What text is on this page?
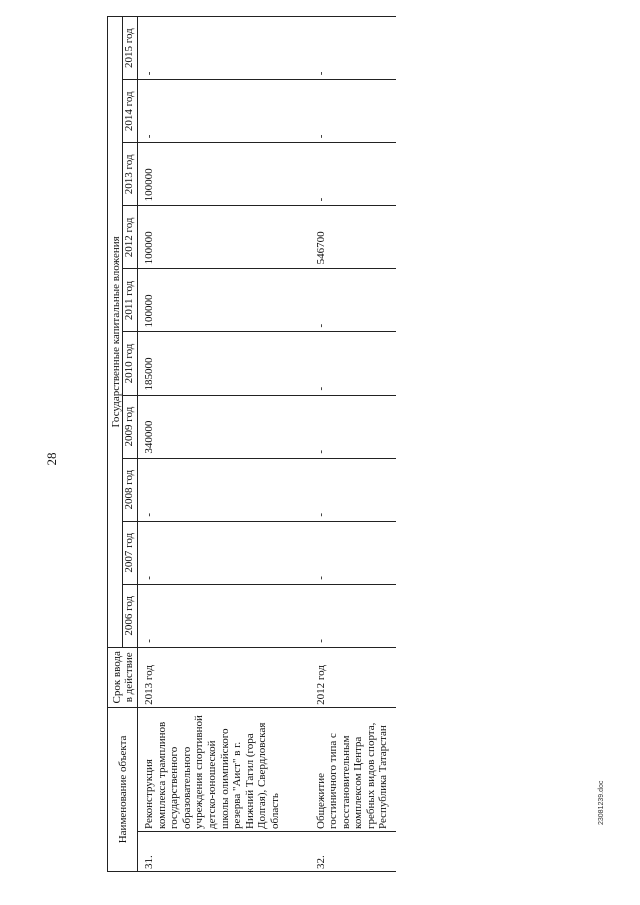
28
Наименование объекта		Срок ввода в действие	Государственные капитальные вложения									
			2006 год	2007 год	2008 год	2009 год	2010 год	2011 год	2012 год	2013 год	2014 год	2015 год
31.	Реконструкция комплекса трамплинов государственного образовательного учреждения спортивной детско-юношеской школы олимпийского резерва "Аист" в г. Нижний Тагил (гора Долгая), Свердловская область	2013 год	-	-	-	340000	185000	100000	100000	100000	-	-
32.	Общежитие гостиничного типа с восстановительным комплексом Центра гребных видов спорта, Республика Татарстан	2012 год	-	-	-	-	-	-	546700	-	-	-
23081239.doc
